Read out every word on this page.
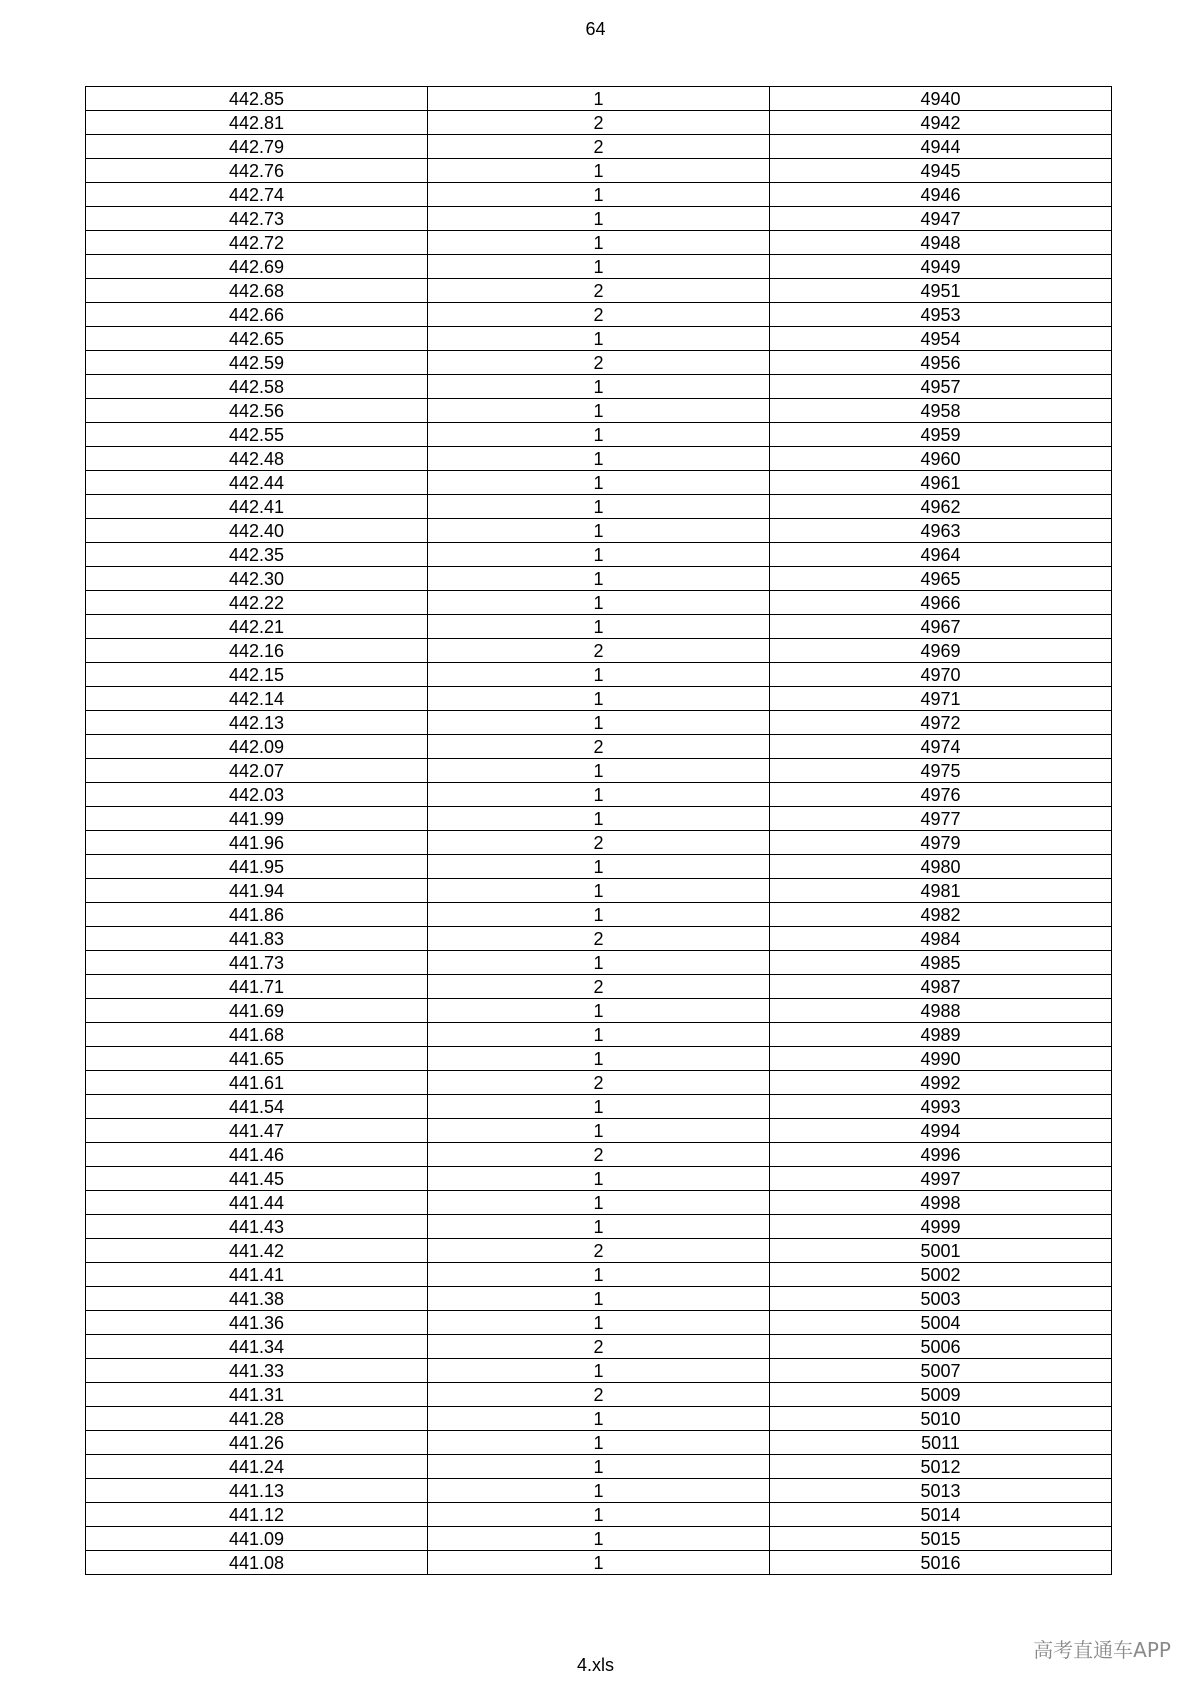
64
442.85	1	4940
442.81	2	4942
442.79	2	4944
442.76	1	4945
442.74	1	4946
442.73	1	4947
442.72	1	4948
442.69	1	4949
442.68	2	4951
442.66	2	4953
442.65	1	4954
442.59	2	4956
442.58	1	4957
442.56	1	4958
442.55	1	4959
442.48	1	4960
442.44	1	4961
442.41	1	4962
442.40	1	4963
442.35	1	4964
442.30	1	4965
442.22	1	4966
442.21	1	4967
442.16	2	4969
442.15	1	4970
442.14	1	4971
442.13	1	4972
442.09	2	4974
442.07	1	4975
442.03	1	4976
441.99	1	4977
441.96	2	4979
441.95	1	4980
441.94	1	4981
441.86	1	4982
441.83	2	4984
441.73	1	4985
441.71	2	4987
441.69	1	4988
441.68	1	4989
441.65	1	4990
441.61	2	4992
441.54	1	4993
441.47	1	4994
441.46	2	4996
441.45	1	4997
441.44	1	4998
441.43	1	4999
441.42	2	5001
441.41	1	5002
441.38	1	5003
441.36	1	5004
441.34	2	5006
441.33	1	5007
441.31	2	5009
441.28	1	5010
441.26	1	5011
441.24	1	5012
441.13	1	5013
441.12	1	5014
441.09	1	5015
441.08	1	5016
4.xls
高考直通车APP
